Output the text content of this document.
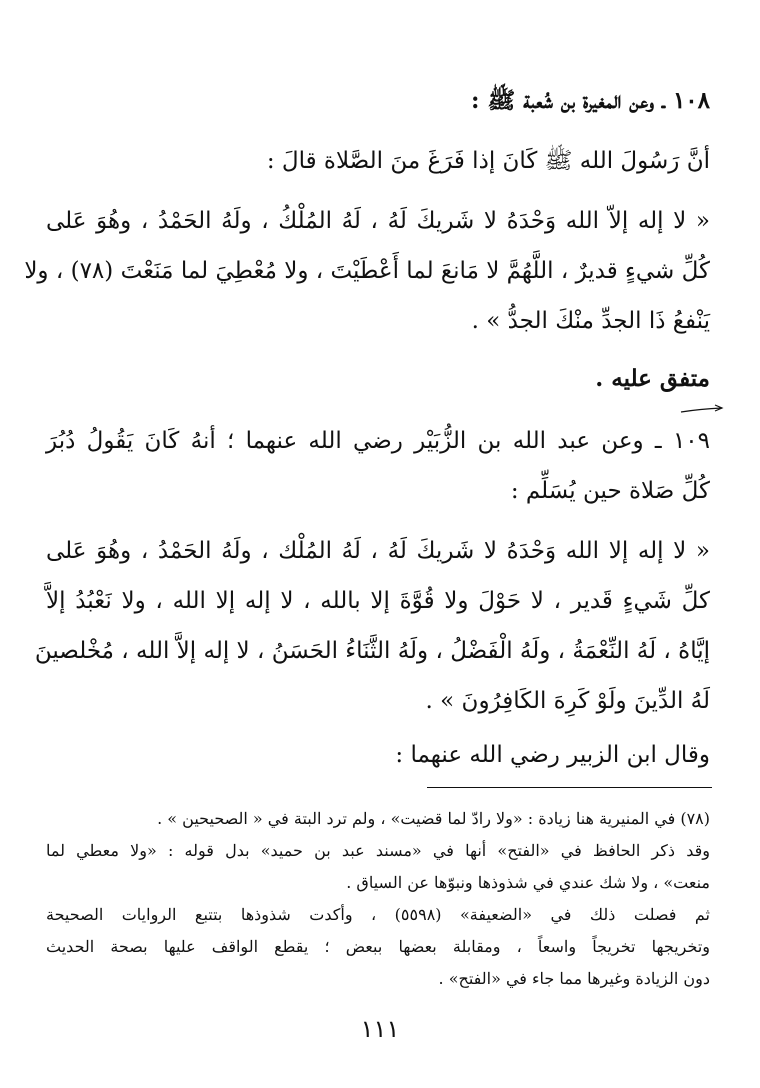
١٠٨ ـ وعن المغيرة بن شُعبة ﷺ :
أنَّ رَسُولَ الله ﷺ كَانَ إذا فَرَغَ منَ الصَّلاة قالَ :
« لا إله إلاّ الله وَحْدَهُ لا شَريكَ لَهُ ، لَهُ المُلْكُ ، ولَهُ الحَمْدُ ، وهُوَ عَلى
كُلِّ شيءٍ قديرٌ ، اللَّهُمَّ لا مَانعَ لما أَعْطَيْتَ ، ولا مُعْطِيَ لما مَنَعْتَ (٧٨) ، ولا
يَنْفعُ ذَا الجدِّ منْكَ الجدُّ » .
متفق عليه .
١٠٩ ـ وعن عبد الله بن الزُّبَيْر رضي الله عنهما ؛ أنهُ كَانَ يَقُولُ دُبُرَ
كُلِّ صَلاة حين يُسَلِّم :
« لا إله إلا الله وَحْدَهُ لا شَريكَ لَهُ ، لَهُ المُلْك ، ولَهُ الحَمْدُ ، وهُوَ عَلى
كلِّ شَيءٍ قَدير ، لا حَوْلَ ولا قُوَّةَ إلا بالله ، لا إله إلا الله ، ولا نَعْبُدُ إلاَّ
إيَّاهُ ، لَهُ النِّعْمَةُ ، ولَهُ الْفَضْلُ ، ولَهُ الثَّنَاءُ الحَسَنُ ، لا إله إلاَّ الله ، مُخْلصينَ
لَهُ الدِّينَ ولَوْ كَرِهَ الكَافِرُونَ » .
وقال ابن الزبير رضي الله عنهما :
(٧٨) في المنيرية هنا زيادة : «ولا رادّ لما قضيت» ، ولم ترد البتة في « الصحيحين » .
وقد ذكر الحافظ في «الفتح» أنها في «مسند عبد بن حميد» بدل قوله : «ولا معطي لما
منعت» ، ولا شك عندي في شذوذها ونبوّها عن السياق .
ثم فصلت ذلك في «الضعيفة» (٥٥٩٨) ، وأكدت شذوذها بتتبع الروايات الصحيحة
وتخريجها تخريجاً واسعاً ، ومقابلة بعضها ببعض ؛ يقطع الواقف عليها بصحة الحديث
دون الزيادة وغيرها مما جاء في «الفتح» .
١١١
